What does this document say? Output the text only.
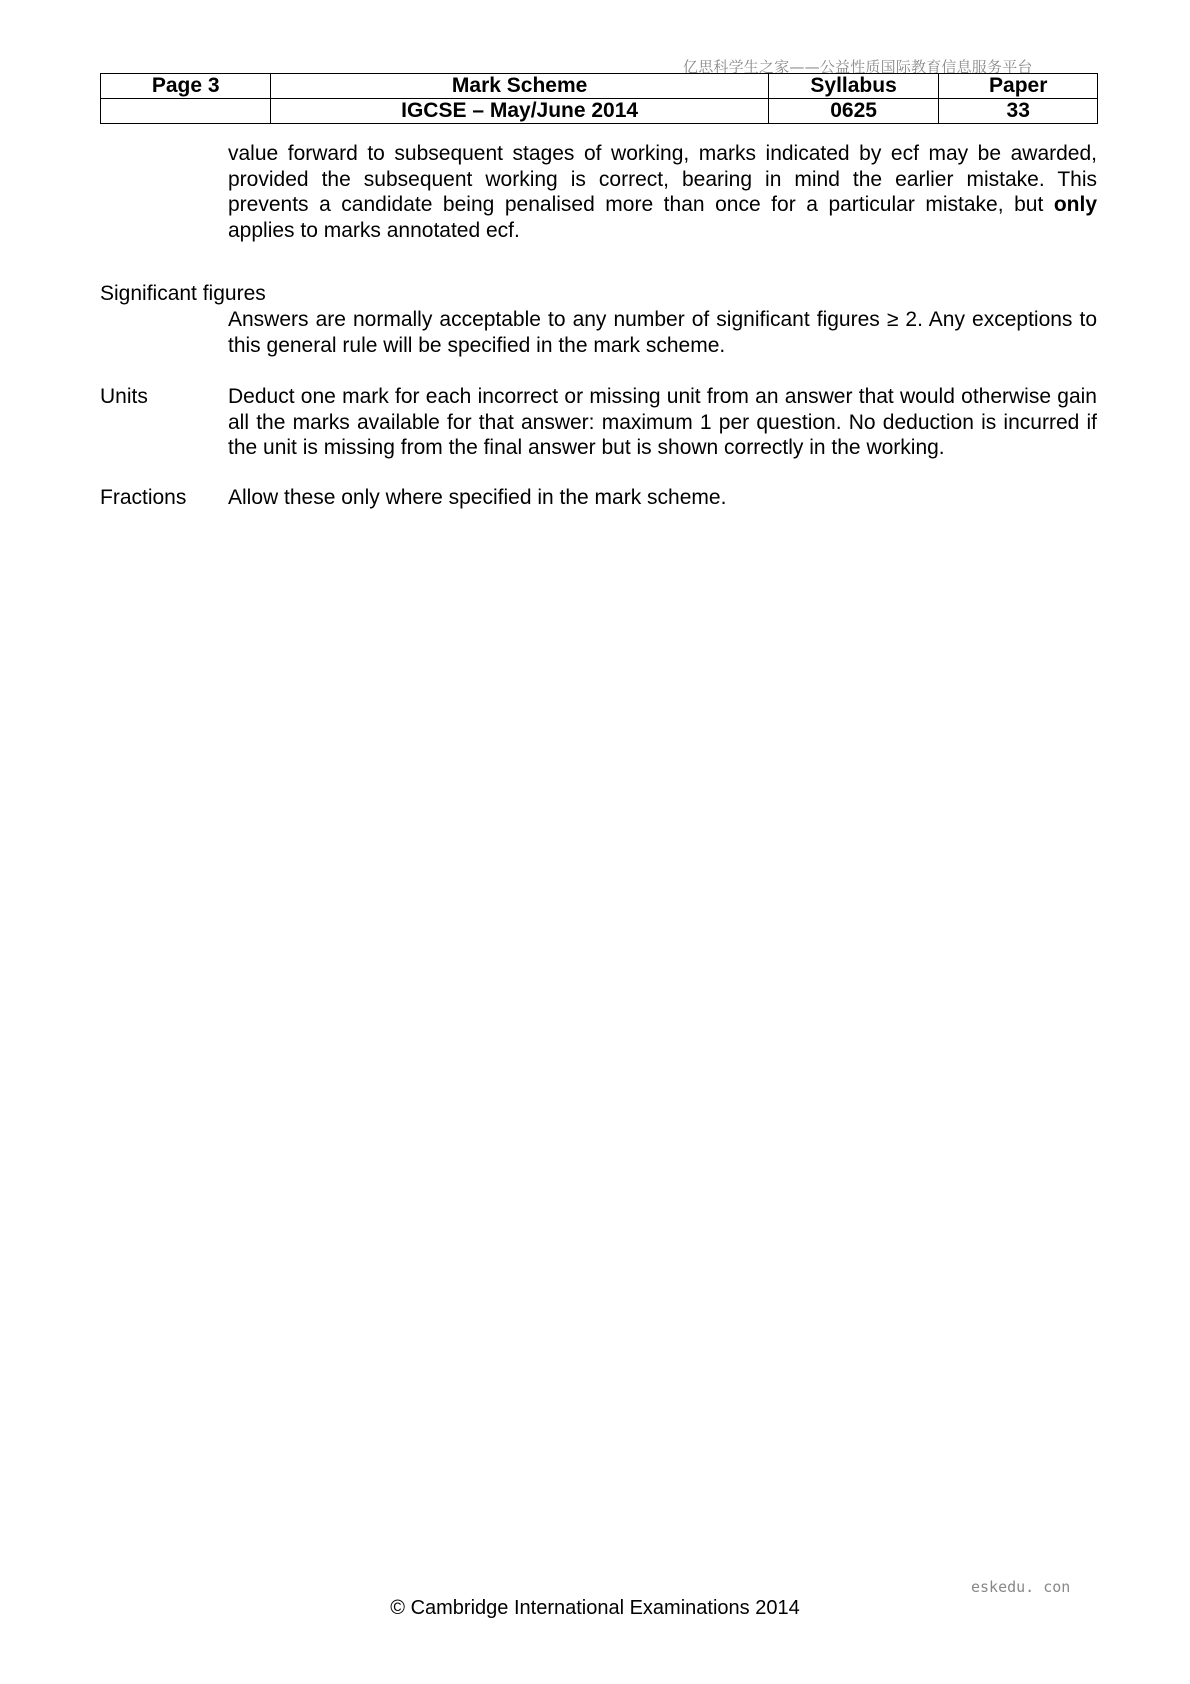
亿思科学生之家——公益性质国际教育信息服务平台
Page 3	Mark Scheme	Syllabus	Paper
	IGCSE – May/June 2014	0625	33
value forward to subsequent stages of working, marks indicated by ecf may be awarded, provided the subsequent working is correct, bearing in mind the earlier mistake. This prevents a candidate being penalised more than once for a particular mistake, but only applies to marks annotated ecf.
Significant figures
Answers are normally acceptable to any number of significant figures ≥ 2. Any exceptions to this general rule will be specified in the mark scheme.
Units	Deduct one mark for each incorrect or missing unit from an answer that would otherwise gain all the marks available for that answer: maximum 1 per question. No deduction is incurred if the unit is missing from the final answer but is shown correctly in the working.
Fractions Allow these only where specified in the mark scheme.
eskedu. con
© Cambridge International Examinations 2014
